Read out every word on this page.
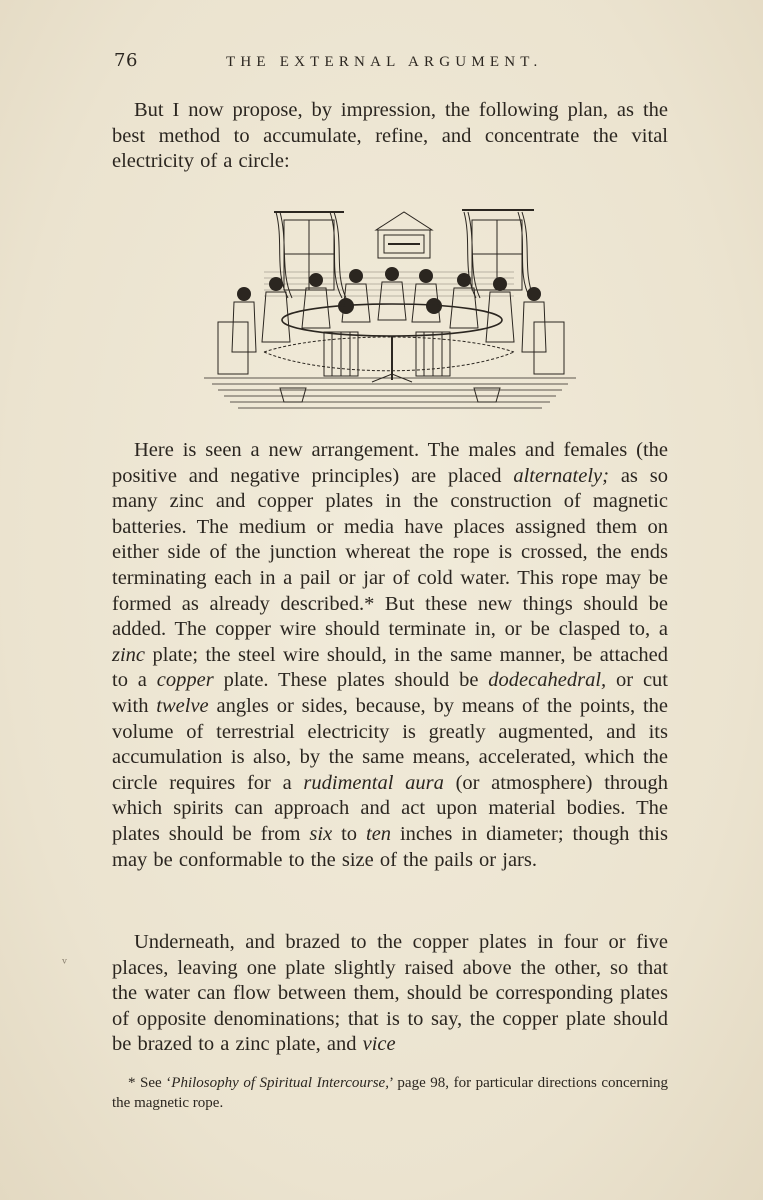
76	THE EXTERNAL ARGUMENT.

But I now propose, by impression, the following plan, as the best method to accumulate, refine, and concentrate the vital electricity of a circle:

Here is seen a new arrangement. The males and females (the positive and negative principles) are placed alternately; as so many zinc and copper plates in the construction of magnetic batteries. The medium or media have places assigned them on either side of the junction whereat the rope is crossed, the ends terminating each in a pail or jar of cold water. This rope may be formed as already described.* But these new things should be added. The copper wire should terminate in, or be clasped to, a zinc plate; the steel wire should, in the same manner, be attached to a copper plate. These plates should be dodecahedral, or cut with twelve angles or sides, because, by means of the points, the volume of terrestrial electricity is greatly augmented, and its accumulation is also, by the same means, accelerated, which the circle requires for a rudimental aura (or atmosphere) through which spirits can approach and act upon material bodies. The plates should be from six to ten inches in diameter; though this may be conformable to the size of the pails or jars.

Underneath, and brazed to the copper plates in four or five places, leaving one plate slightly raised above the other, so that the water can flow between them, should be corresponding plates of opposite denominations; that is to say, the copper plate should be brazed to a zinc plate, and vice

* See ‘Philosophy of Spiritual Intercourse,’ page 98, for particular directions concerning the magnetic rope.

ᵛ
